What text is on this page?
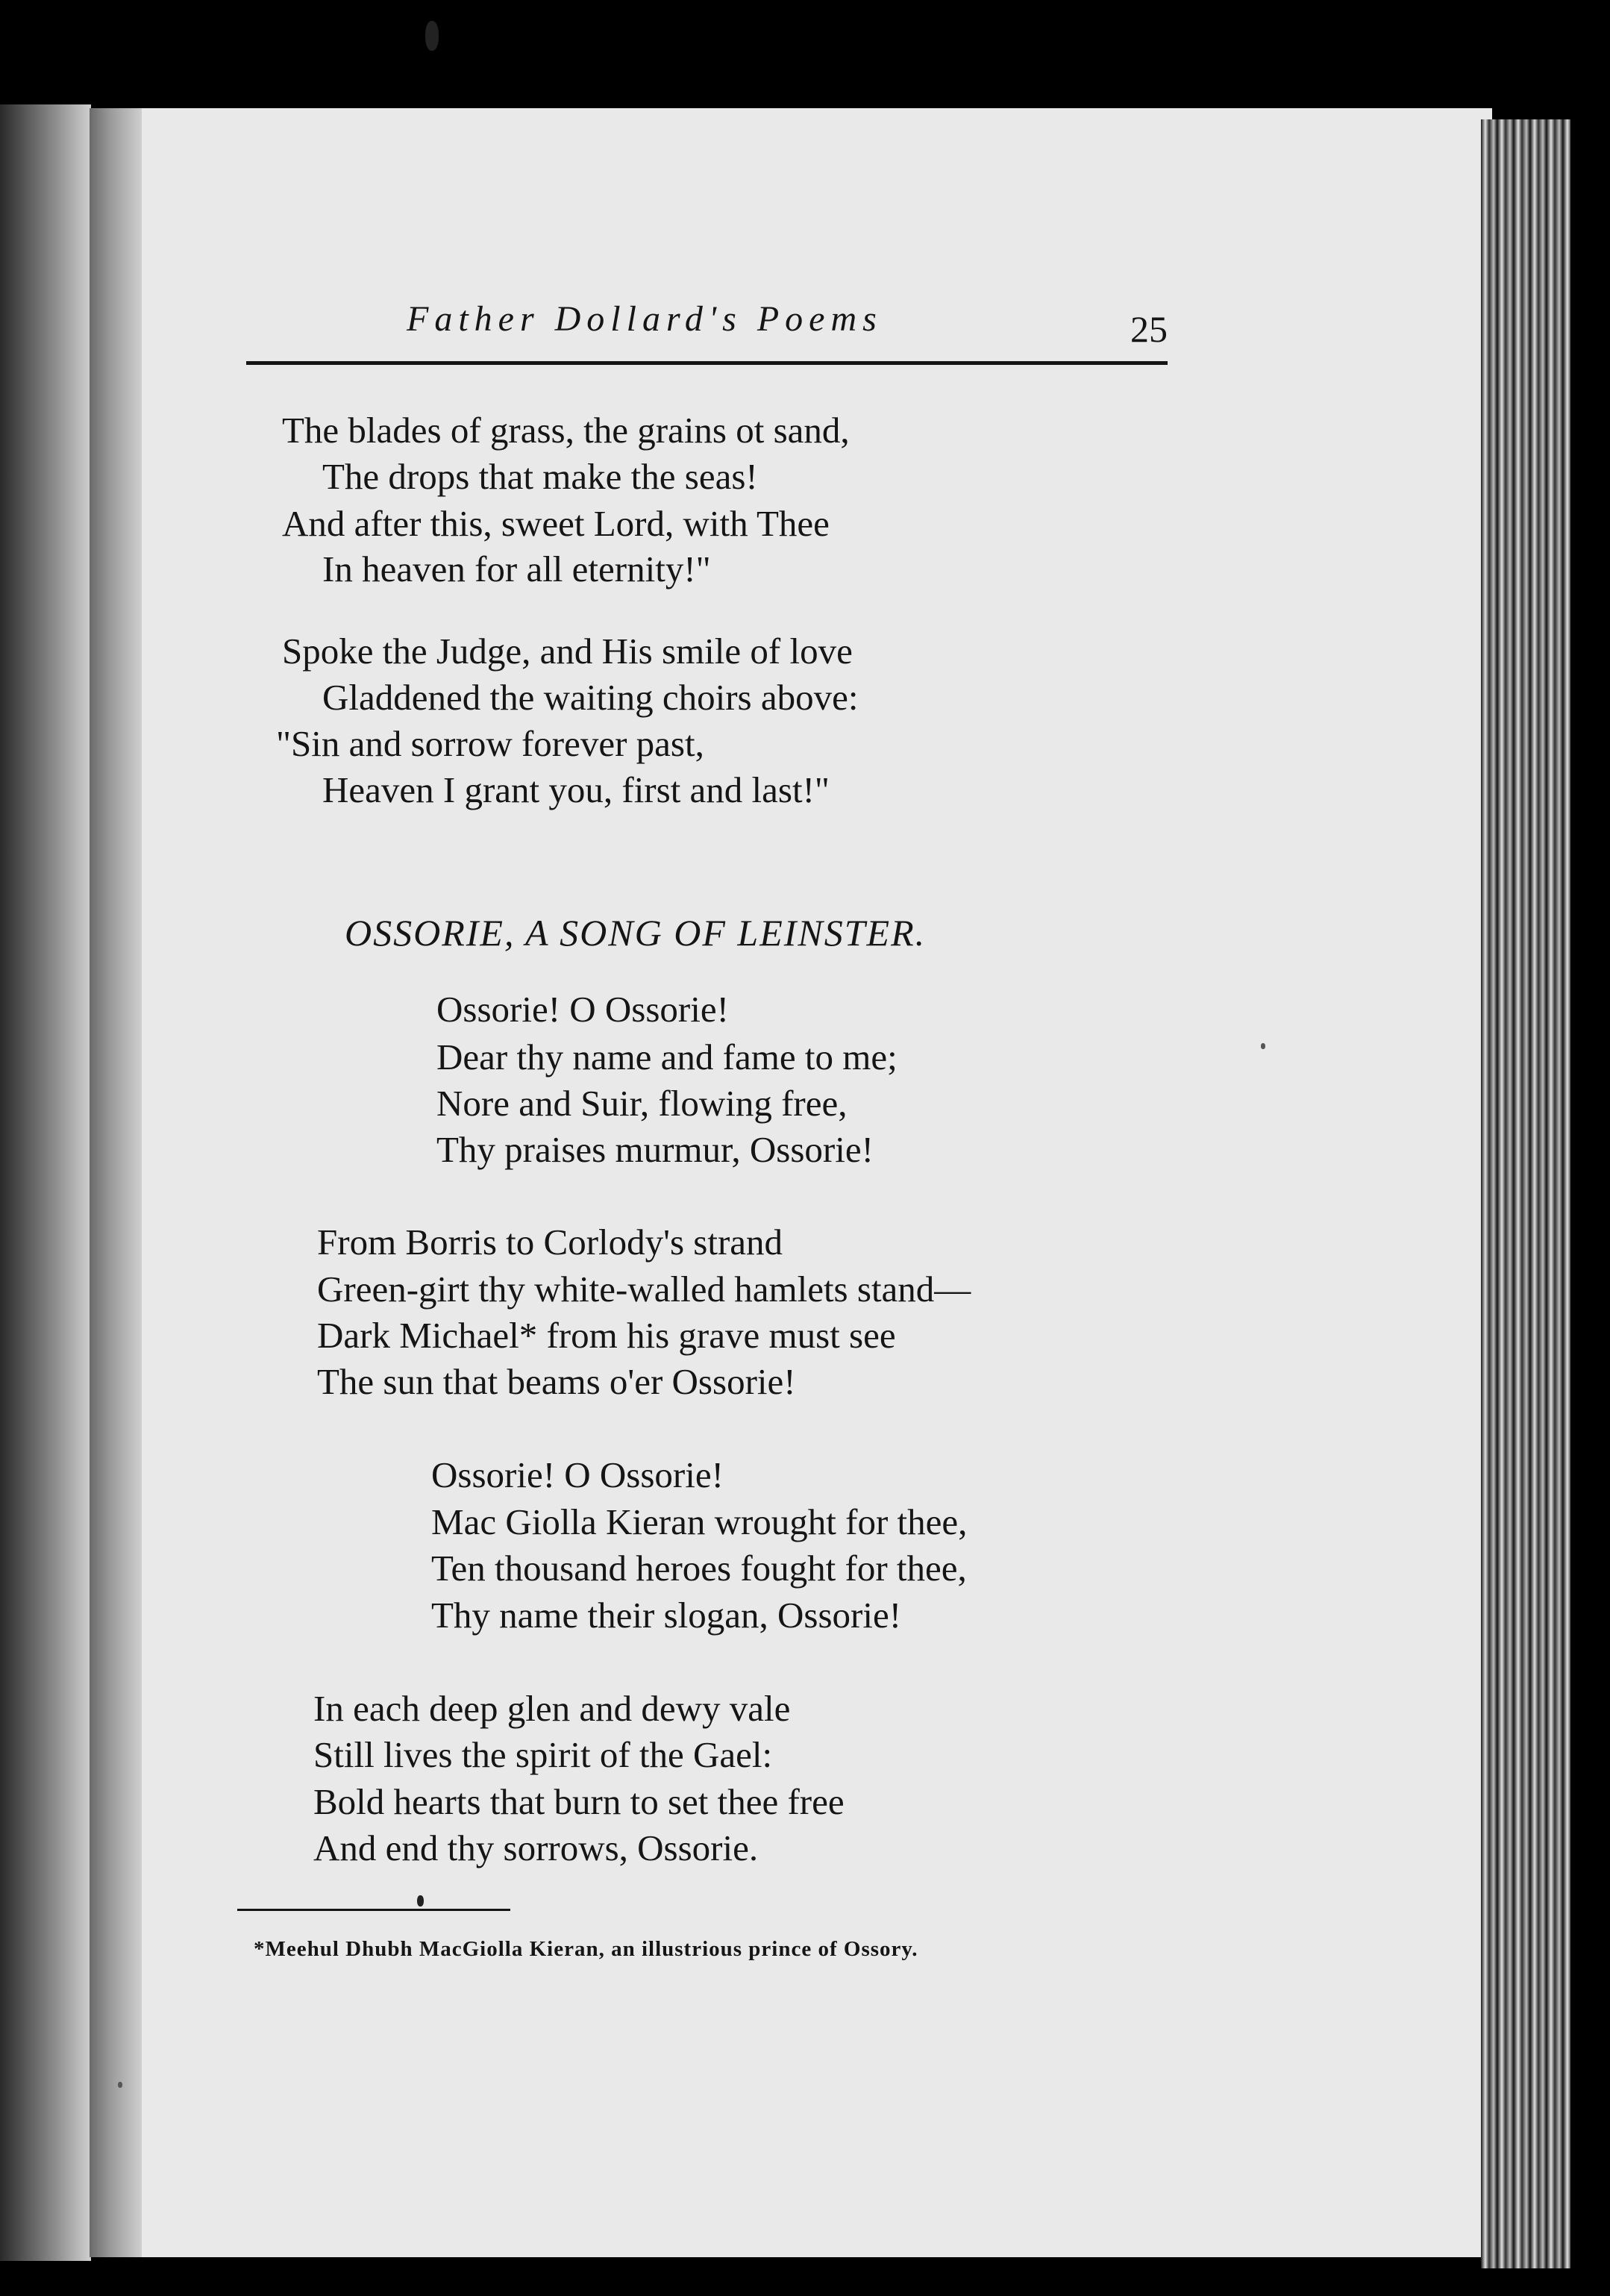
Father Dollard's Poems	25
The blades of grass, the grains ot sand,
The drops that make the seas!
And after this, sweet Lord, with Thee
In heaven for all eternity!"
Spoke the Judge, and His smile of love
Gladdened the waiting choirs above:
"Sin and sorrow forever past,
Heaven I grant you, first and last!"
OSSORIE, A SONG OF LEINSTER.
Ossorie! O Ossorie!
Dear thy name and fame to me;
Nore and Suir, flowing free,
Thy praises murmur, Ossorie!
From Borris to Corlody's strand
Green-girt thy white-walled hamlets stand—
Dark Michael* from his grave must see
The sun that beams o'er Ossorie!
Ossorie! O Ossorie!
Mac Giolla Kieran wrought for thee,
Ten thousand heroes fought for thee,
Thy name their slogan, Ossorie!
In each deep glen and dewy vale
Still lives the spirit of the Gael:
Bold hearts that burn to set thee free
And end thy sorrows, Ossorie.
*Meehul Dhubh MacGiolla Kieran, an illustrious prince of Ossory.
